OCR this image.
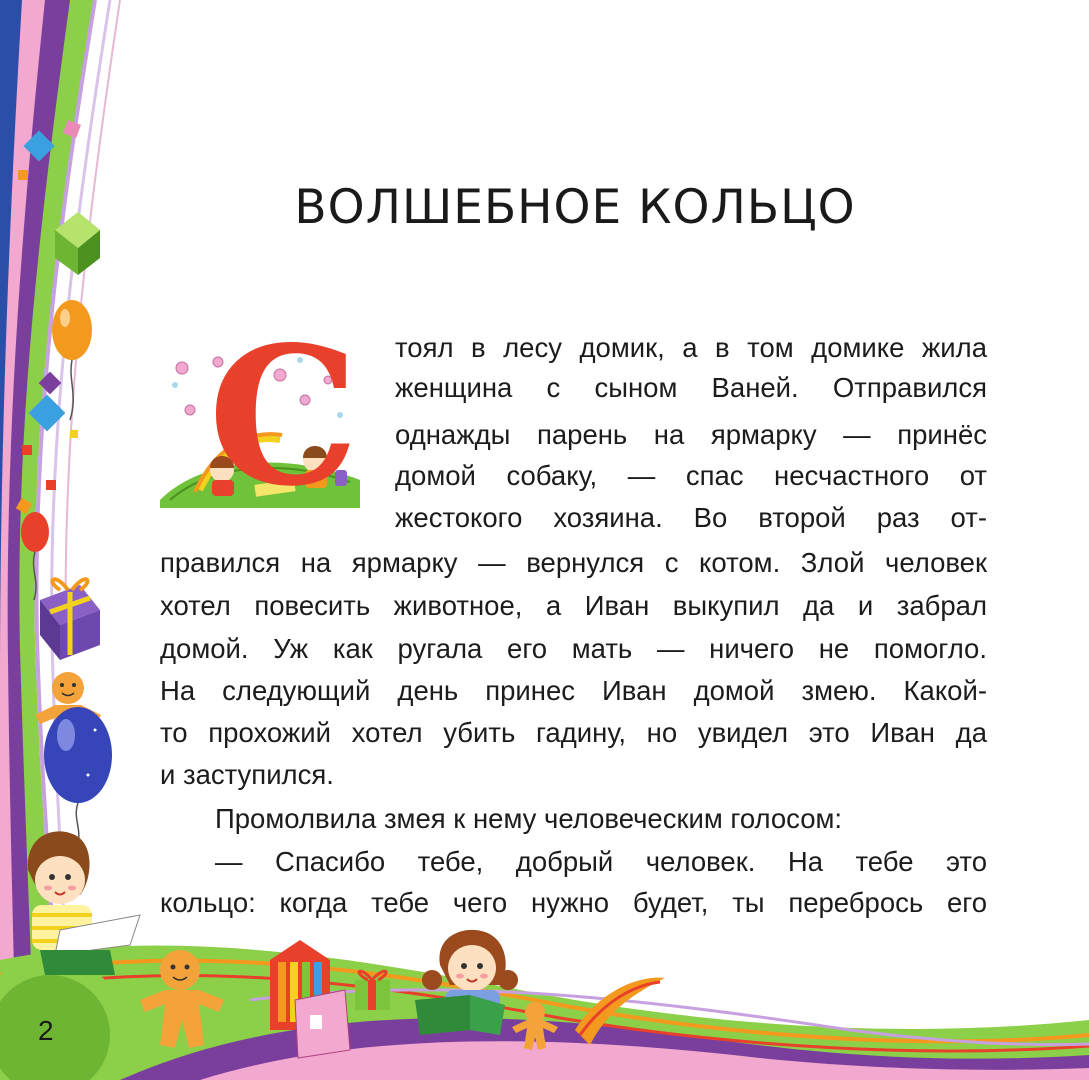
ВОЛШЕБНОЕ КОЛЬЦО
С тоял в лесу домик, а в том домике жила
женщина с сыном Ваней. Отправился
однажды парень на ярмарку — принёс
домой собаку, — спас несчастного от
жестокого хозяина. Во второй раз от-
правился на ярмарку — вернулся с котом. Злой человек
хотел повесить животное, а Иван выкупил да и забрал
домой. Уж как ругала его мать — ничего не помогло.
На следующий день принес Иван домой змею. Какой-
то прохожий хотел убить гадину, но увидел это Иван да
и заступился.
Промолвила змея к нему человеческим голосом:
— Спасибо тебе, добрый человек. На тебе это
кольцо: когда тебе чего нужно будет, ты переброcь его
2
